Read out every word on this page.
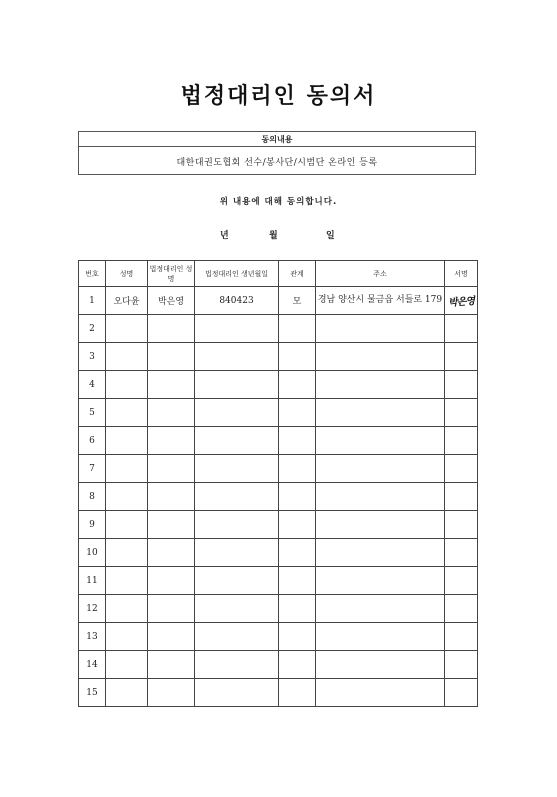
법정대리인 동의서
동의내용
대한대권도협회 선수/봉사단/시범단 온라인 등록
위 내용에 대해 동의합니다.
년	월	일
번호	성명	법정대리인 성명	법정대리인 생년월일	관계	주소	서명
1	오다윤	박은영	840423	모	경남 양산시 물금읍 서들로 179	박은영
2						
3						
4						
5						
6						
7						
8						
9						
10						
11						
12						
13						
14						
15						
